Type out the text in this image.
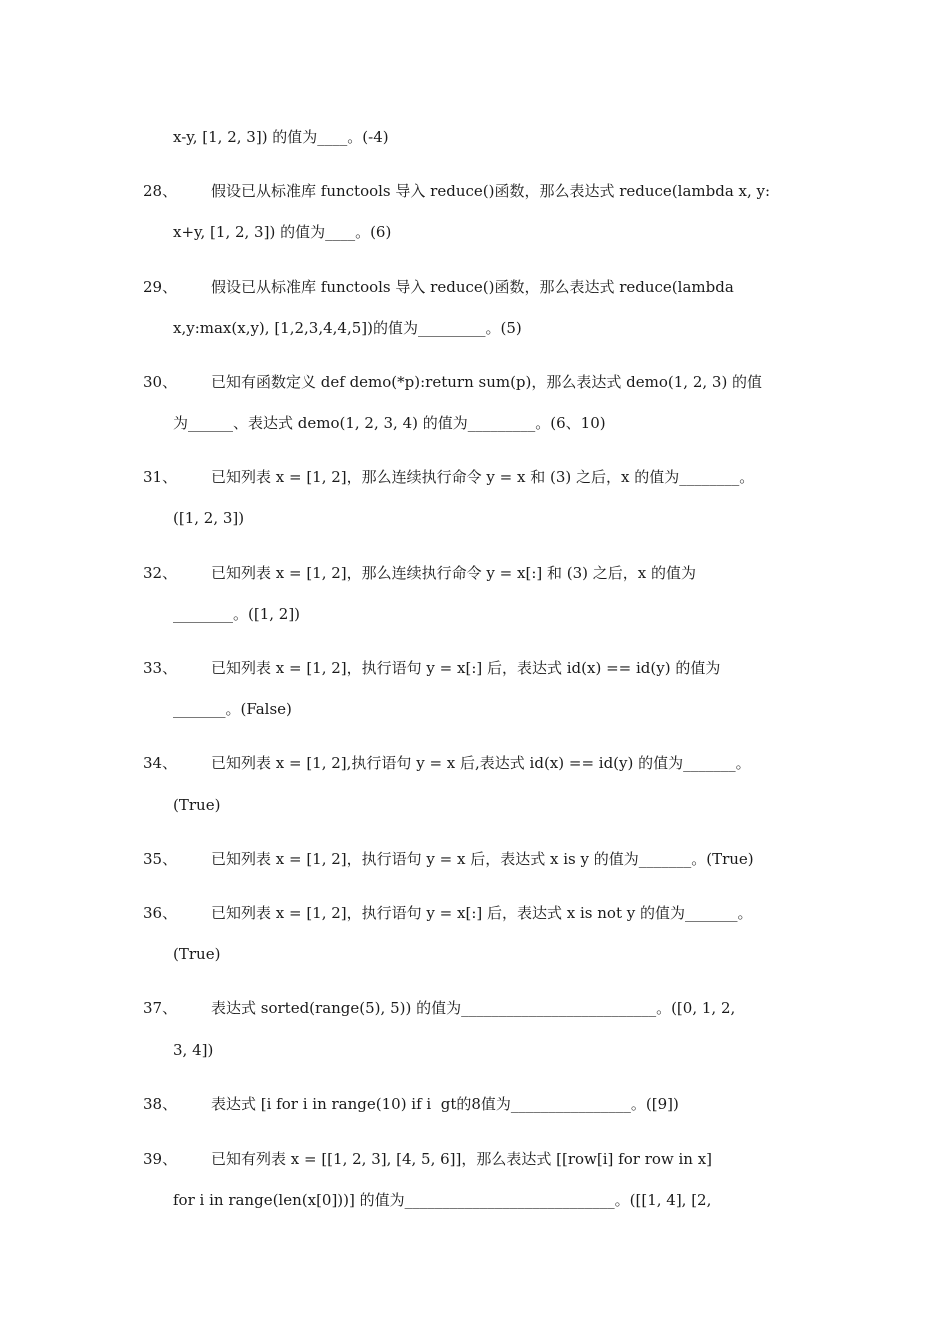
x-y, [1, 2, 3]) 的值为____。(-4)
28、 假设已从标准库 functools 导入 reduce()函数，那么表达式 reduce(lambda x, y:
x+y, [1, 2, 3]) 的值为____。(6)
29、 假设已从标准库 functools 导入 reduce()函数，那么表达式 reduce(lambda
x,y:max(x,y), [1,2,3,4,4,5])的值为_________。(5)
30、 已知有函数定义 def demo(*p):return sum(p)，那么表达式 demo(1, 2, 3) 的值
为______、表达式 demo(1, 2, 3, 4) 的值为_________。(6、10)
31、 已知列表 x = [1, 2]，那么连续执行命令 y = x 和 (3) 之后，x 的值为________。
([1, 2, 3])
32、 已知列表 x = [1, 2]，那么连续执行命令 y = x[:] 和 (3) 之后，x 的值为
________。([1, 2])
33、 已知列表 x = [1, 2]，执行语句 y = x[:] 后，表达式 id(x) == id(y) 的值为
_______。(False)
34、 已知列表 x = [1, 2],执行语句 y = x 后,表达式 id(x) == id(y) 的值为_______。
(True)
35、 已知列表 x = [1, 2]，执行语句 y = x 后，表达式 x is y 的值为_______。(True)
36、 已知列表 x = [1, 2]，执行语句 y = x[:] 后，表达式 x is not y 的值为_______。
(True)
37、 表达式 sorted(range(5), 5)) 的值为__________________________。([0, 1, 2,
3, 4])
38、 表达式 [i for i in range(10) if i  gt的8值为________________。([9])
39、 已知有列表 x = [[1, 2, 3], [4, 5, 6]]，那么表达式 [[row[i] for row in x]
for i in range(len(x[0]))] 的值为____________________________。([[1, 4], [2,
